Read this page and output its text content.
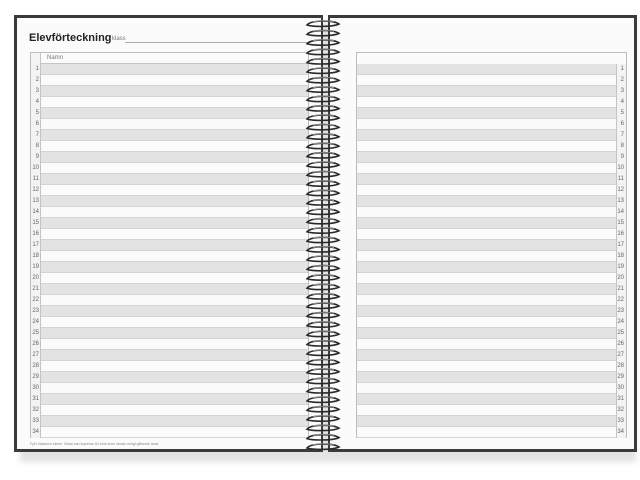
Elevförteckning klass
Namn
1
2
3
4
5
6
7
8
9
10
11
12
13
14
15
16
17
18
19
20
21
22
23
24
25
26
27
28
29
30
31
32
33
34
Fyll i klassens elever. Sidan kan kopieras för bruk inom skolan enligt gällande avtal.
1
2
3
4
5
6
7
8
9
10
11
12
13
14
15
16
17
18
19
20
21
22
23
24
25
26
27
28
29
30
31
32
33
34
